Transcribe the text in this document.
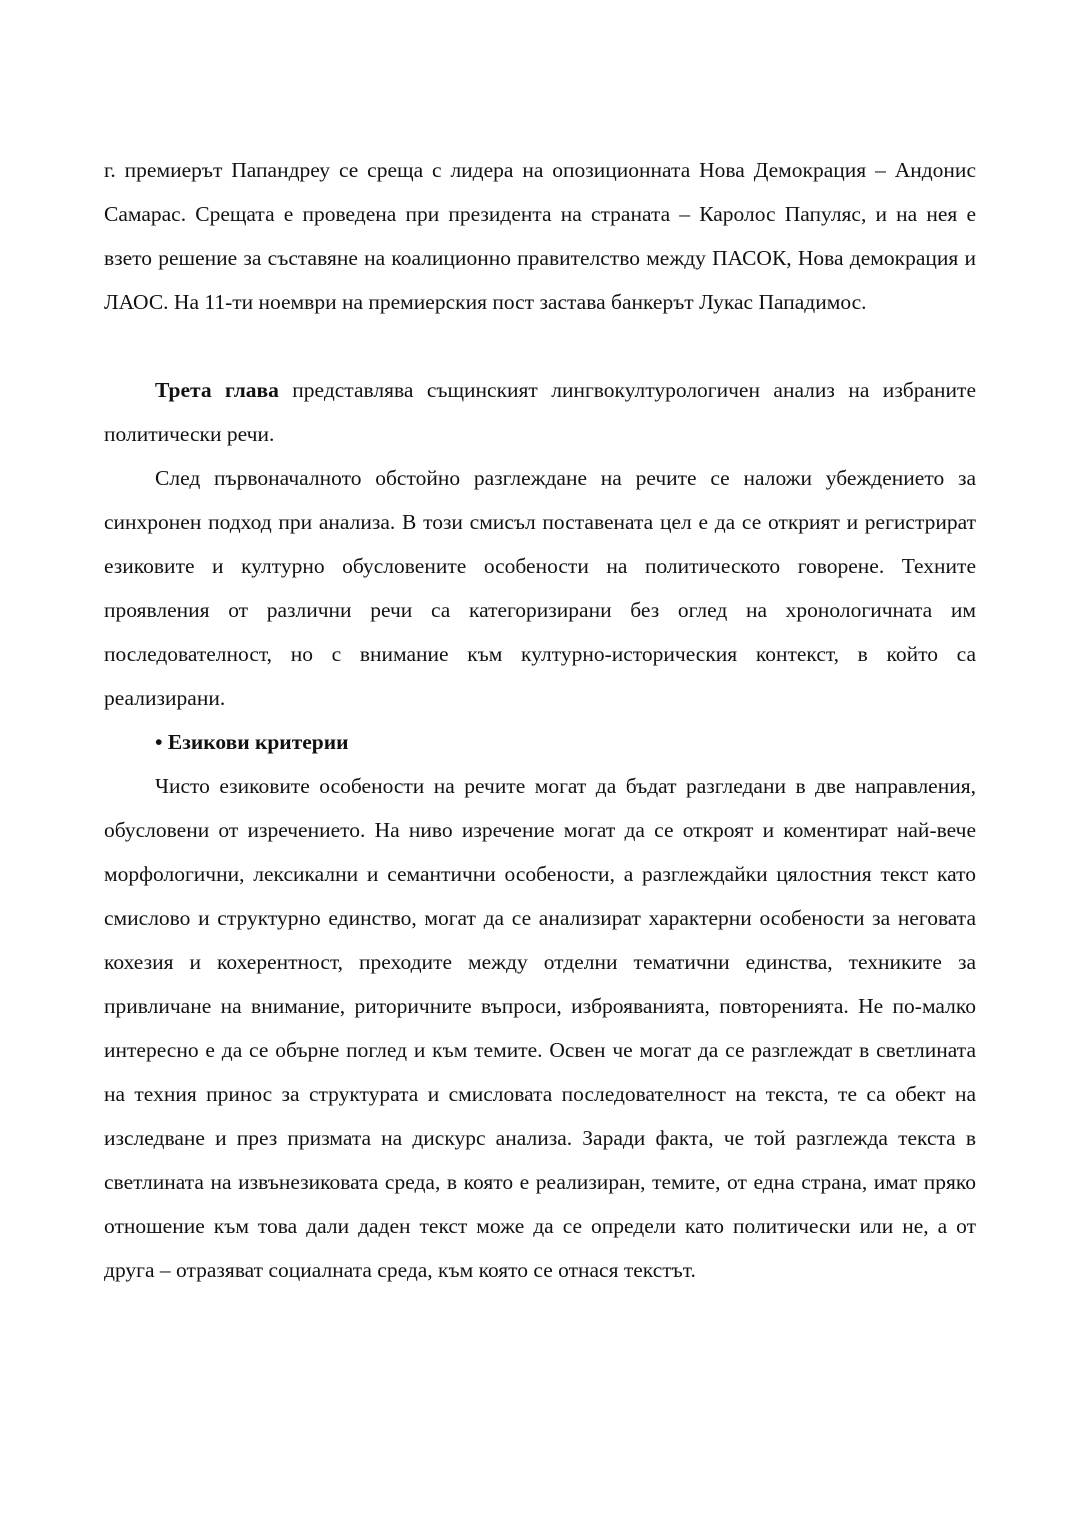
г. премиерът Папандреу се среща с лидера на опозиционната Нова Демокрация – Андонис Самарас. Срещата е проведена при президента на страната – Каролос Папуляс, и на нея е взето решение за съставяне на коалиционно правителство между ПАСОК, Нова демокрация и ЛАОС. На 11-ти ноември на премиерския пост застава банкерът Лукас Пападимос.

Трета глава представлява същинският лингвокултурологичен анализ на избраните политически речи.

След първоначалното обстойно разглеждане на речите се наложи убеждението за синхронен подход при анализа. В този смисъл поставената цел е да се открият и регистрират езиковите и културно обусловените особености на политическото говорене. Техните проявления от различни речи са категоризирани без оглед на хронологичната им последователност, но с внимание към културно-историческия контекст, в който са реализирани.

• Езикови критерии

Чисто езиковите особености на речите могат да бъдат разгледани в две направления, обусловени от изречението. На ниво изречение могат да се откроят и коментират най-вече морфологични, лексикални и семантични особености, а разглеждайки цялостния текст като смислово и структурно единство, могат да се анализират характерни особености за неговата кохезия и кохерентност, преходите между отделни тематични единства, техниките за привличане на внимание, риторичните въпроси, изброяванията, повторенията. Не по-малко интересно е да се обърне поглед и към темите. Освен че могат да се разглеждат в светлината на техния принос за структурата и смисловата последователност на текста, те са обект на изследване и през призмата на дискурс анализа. Заради факта, че той разглежда текста в светлината на извънезиковата среда, в която е реализиран, темите, от една страна, имат пряко отношение към това дали даден текст може да се определи като политически или не, а от друга – отразяват социалната среда, към която се отнася текстът.
